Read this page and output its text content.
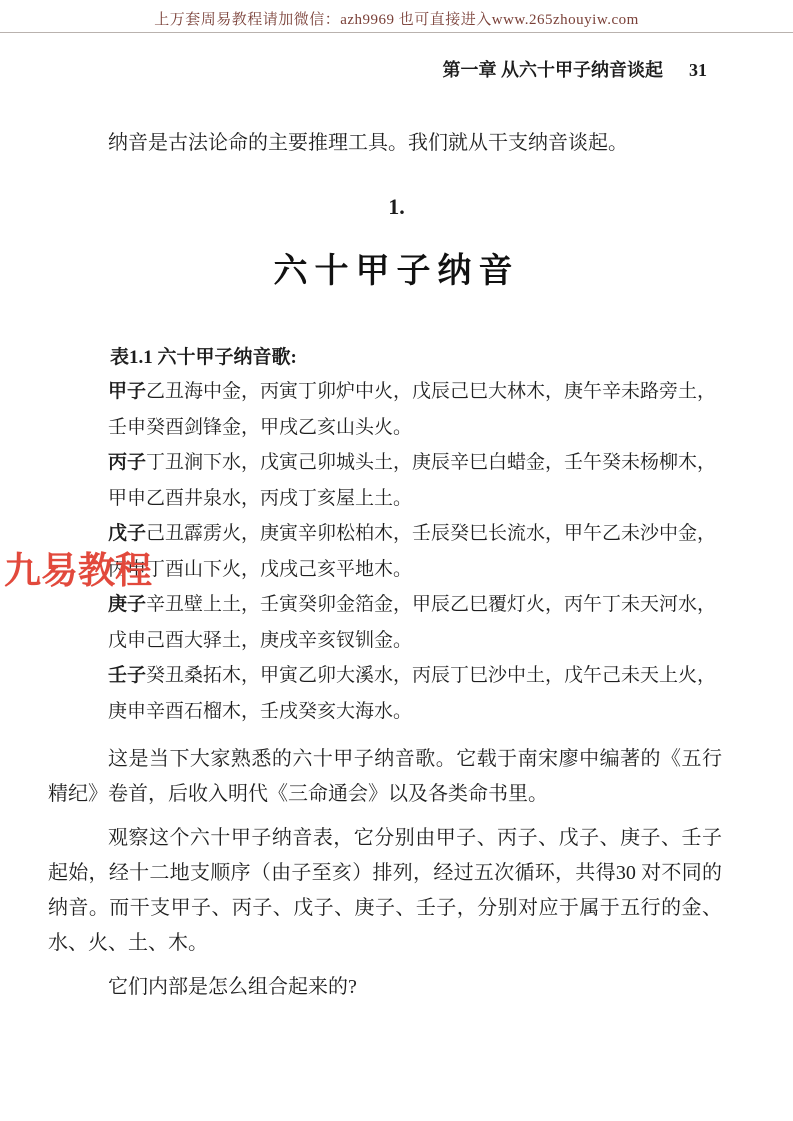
上万套周易教程请加微信：azh9969 也可直接进入www.265zhouyiw.com
第一章 从六十甲子纳音谈起 31

纳音是古法论命的主要推理工具。我们就从干支纳音谈起。

1.
六十甲子纳音
表1.1 六十甲子纳音歌:
甲子乙丑海中金，丙寅丁卯炉中火，戊辰己巳大林木，庚午辛未路旁土，
壬申癸酉剑锋金，甲戌乙亥山头火。
丙子丁丑涧下水，戊寅己卯城头土，庚辰辛巳白蜡金，壬午癸未杨柳木，
甲申乙酉井泉水，丙戌丁亥屋上土。
戊子己丑霹雳火，庚寅辛卯松柏木，壬辰癸巳长流水，甲午乙未沙中金，
丙申丁酉山下火，戊戌己亥平地木。
庚子辛丑壁上土，壬寅癸卯金箔金，甲辰乙巳覆灯火，丙午丁未天河水，
戊申己酉大驿土，庚戌辛亥钗钏金。
壬子癸丑桑拓木，甲寅乙卯大溪水，丙辰丁巳沙中土，戊午己未天上火，
庚申辛酉石榴木，壬戌癸亥大海水。

这是当下大家熟悉的六十甲子纳音歌。它载于南宋廖中编著的《五行精纪》卷首，后收入明代《三命通会》以及各类命书里。

观察这个六十甲子纳音表，它分别由甲子、丙子、戊子、庚子、壬子起始，经十二地支顺序（由子至亥）排列，经过五次循环，共得30 对不同的纳音。而干支甲子、丙子、戊子、庚子、壬子，分别对应于属于五行的金、水、火、土、木。

它们内部是怎么组合起来的?

九易教程
